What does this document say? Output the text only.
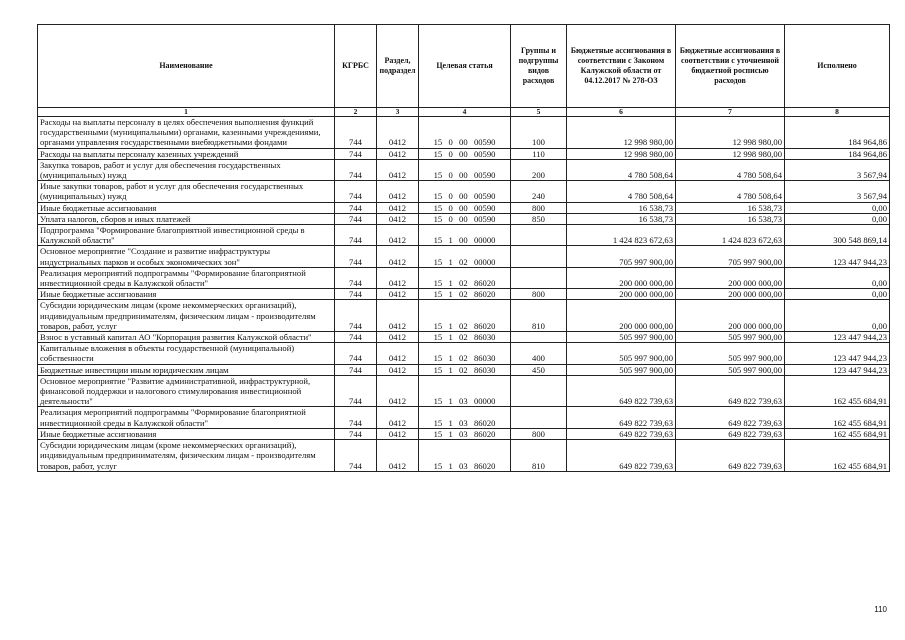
Наименование	КГРБС	Раздел, подраздел	Целевая статья	Группы и подгруппы видов расходов	Бюджетные ассигнования в соответствии с Законом Калужской области от 04.12.2017 № 278-ОЗ	Бюджетные ассигнования в соответствии с уточненной бюджетной росписью расходов	Исполнено
1	2	3	4	5	6	7	8
Расходы на выплаты персоналу в целях обеспечения выполнения функций государственными (муниципальными) органами, казенными учреждениями, органами управления государственными внебюджетными фондами	744	0412	15  0  00  00590	100	12 998 980,00	12 998 980,00	184 964,86
Расходы на выплаты персоналу казенных учреждений	744	0412	15  0  00  00590	110	12 998 980,00	12 998 980,00	184 964,86
Закупка товаров, работ и услуг для обеспечения государственных (муниципальных) нужд	744	0412	15  0  00  00590	200	4 780 508,64	4 780 508,64	3 567,94
Иные закупки товаров, работ и услуг для обеспечения государственных (муниципальных) нужд	744	0412	15  0  00  00590	240	4 780 508,64	4 780 508,64	3 567,94
Иные бюджетные ассигнования	744	0412	15  0  00  00590	800	16 538,73	16 538,73	0,00
Уплата налогов, сборов и иных платежей	744	0412	15  0  00  00590	850	16 538,73	16 538,73	0,00
Подпрограмма "Формирование благоприятной инвестиционной среды в Калужской области"	744	0412	15  1  00  00000		1 424 823 672,63	1 424 823 672,63	300 548 869,14
Основное мероприятие "Создание и развитие инфраструктуры индустриальных парков и особых экономических зон"	744	0412	15  1  02  00000		705 997 900,00	705 997 900,00	123 447 944,23
Реализация мероприятий подпрограммы "Формирование благоприятной инвестиционной среды в Калужской области"	744	0412	15  1  02  86020		200 000 000,00	200 000 000,00	0,00
Иные бюджетные ассигнования	744	0412	15  1  02  86020	800	200 000 000,00	200 000 000,00	0,00
Субсидии юридическим лицам (кроме некоммерческих организаций), индивидуальным предпринимателям, физическим лицам - производителям товаров, работ, услуг	744	0412	15  1  02  86020	810	200 000 000,00	200 000 000,00	0,00
Взнос в уставный капитал АО "Корпорация развития Калужской области"	744	0412	15  1  02  86030		505 997 900,00	505 997 900,00	123 447 944,23
Капитальные вложения в объекты государственной (муниципальной) собственности	744	0412	15  1  02  86030	400	505 997 900,00	505 997 900,00	123 447 944,23
Бюджетные инвестиции иным юридическим лицам	744	0412	15  1  02  86030	450	505 997 900,00	505 997 900,00	123 447 944,23
Основное мероприятие "Развитие административной, инфраструктурной, финансовой поддержки и налогового стимулирования инвестиционной деятельности"	744	0412	15  1  03  00000		649 822 739,63	649 822 739,63	162 455 684,91
Реализация мероприятий подпрограммы "Формирование благоприятной инвестиционной среды в Калужской области"	744	0412	15  1  03  86020		649 822 739,63	649 822 739,63	162 455 684,91
Иные бюджетные ассигнования	744	0412	15  1  03  86020	800	649 822 739,63	649 822 739,63	162 455 684,91
Субсидии юридическим лицам (кроме некоммерческих организаций), индивидуальным предпринимателям, физическим лицам - производителям товаров, работ, услуг	744	0412	15  1  03  86020	810	649 822 739,63	649 822 739,63	162 455 684,91
110
